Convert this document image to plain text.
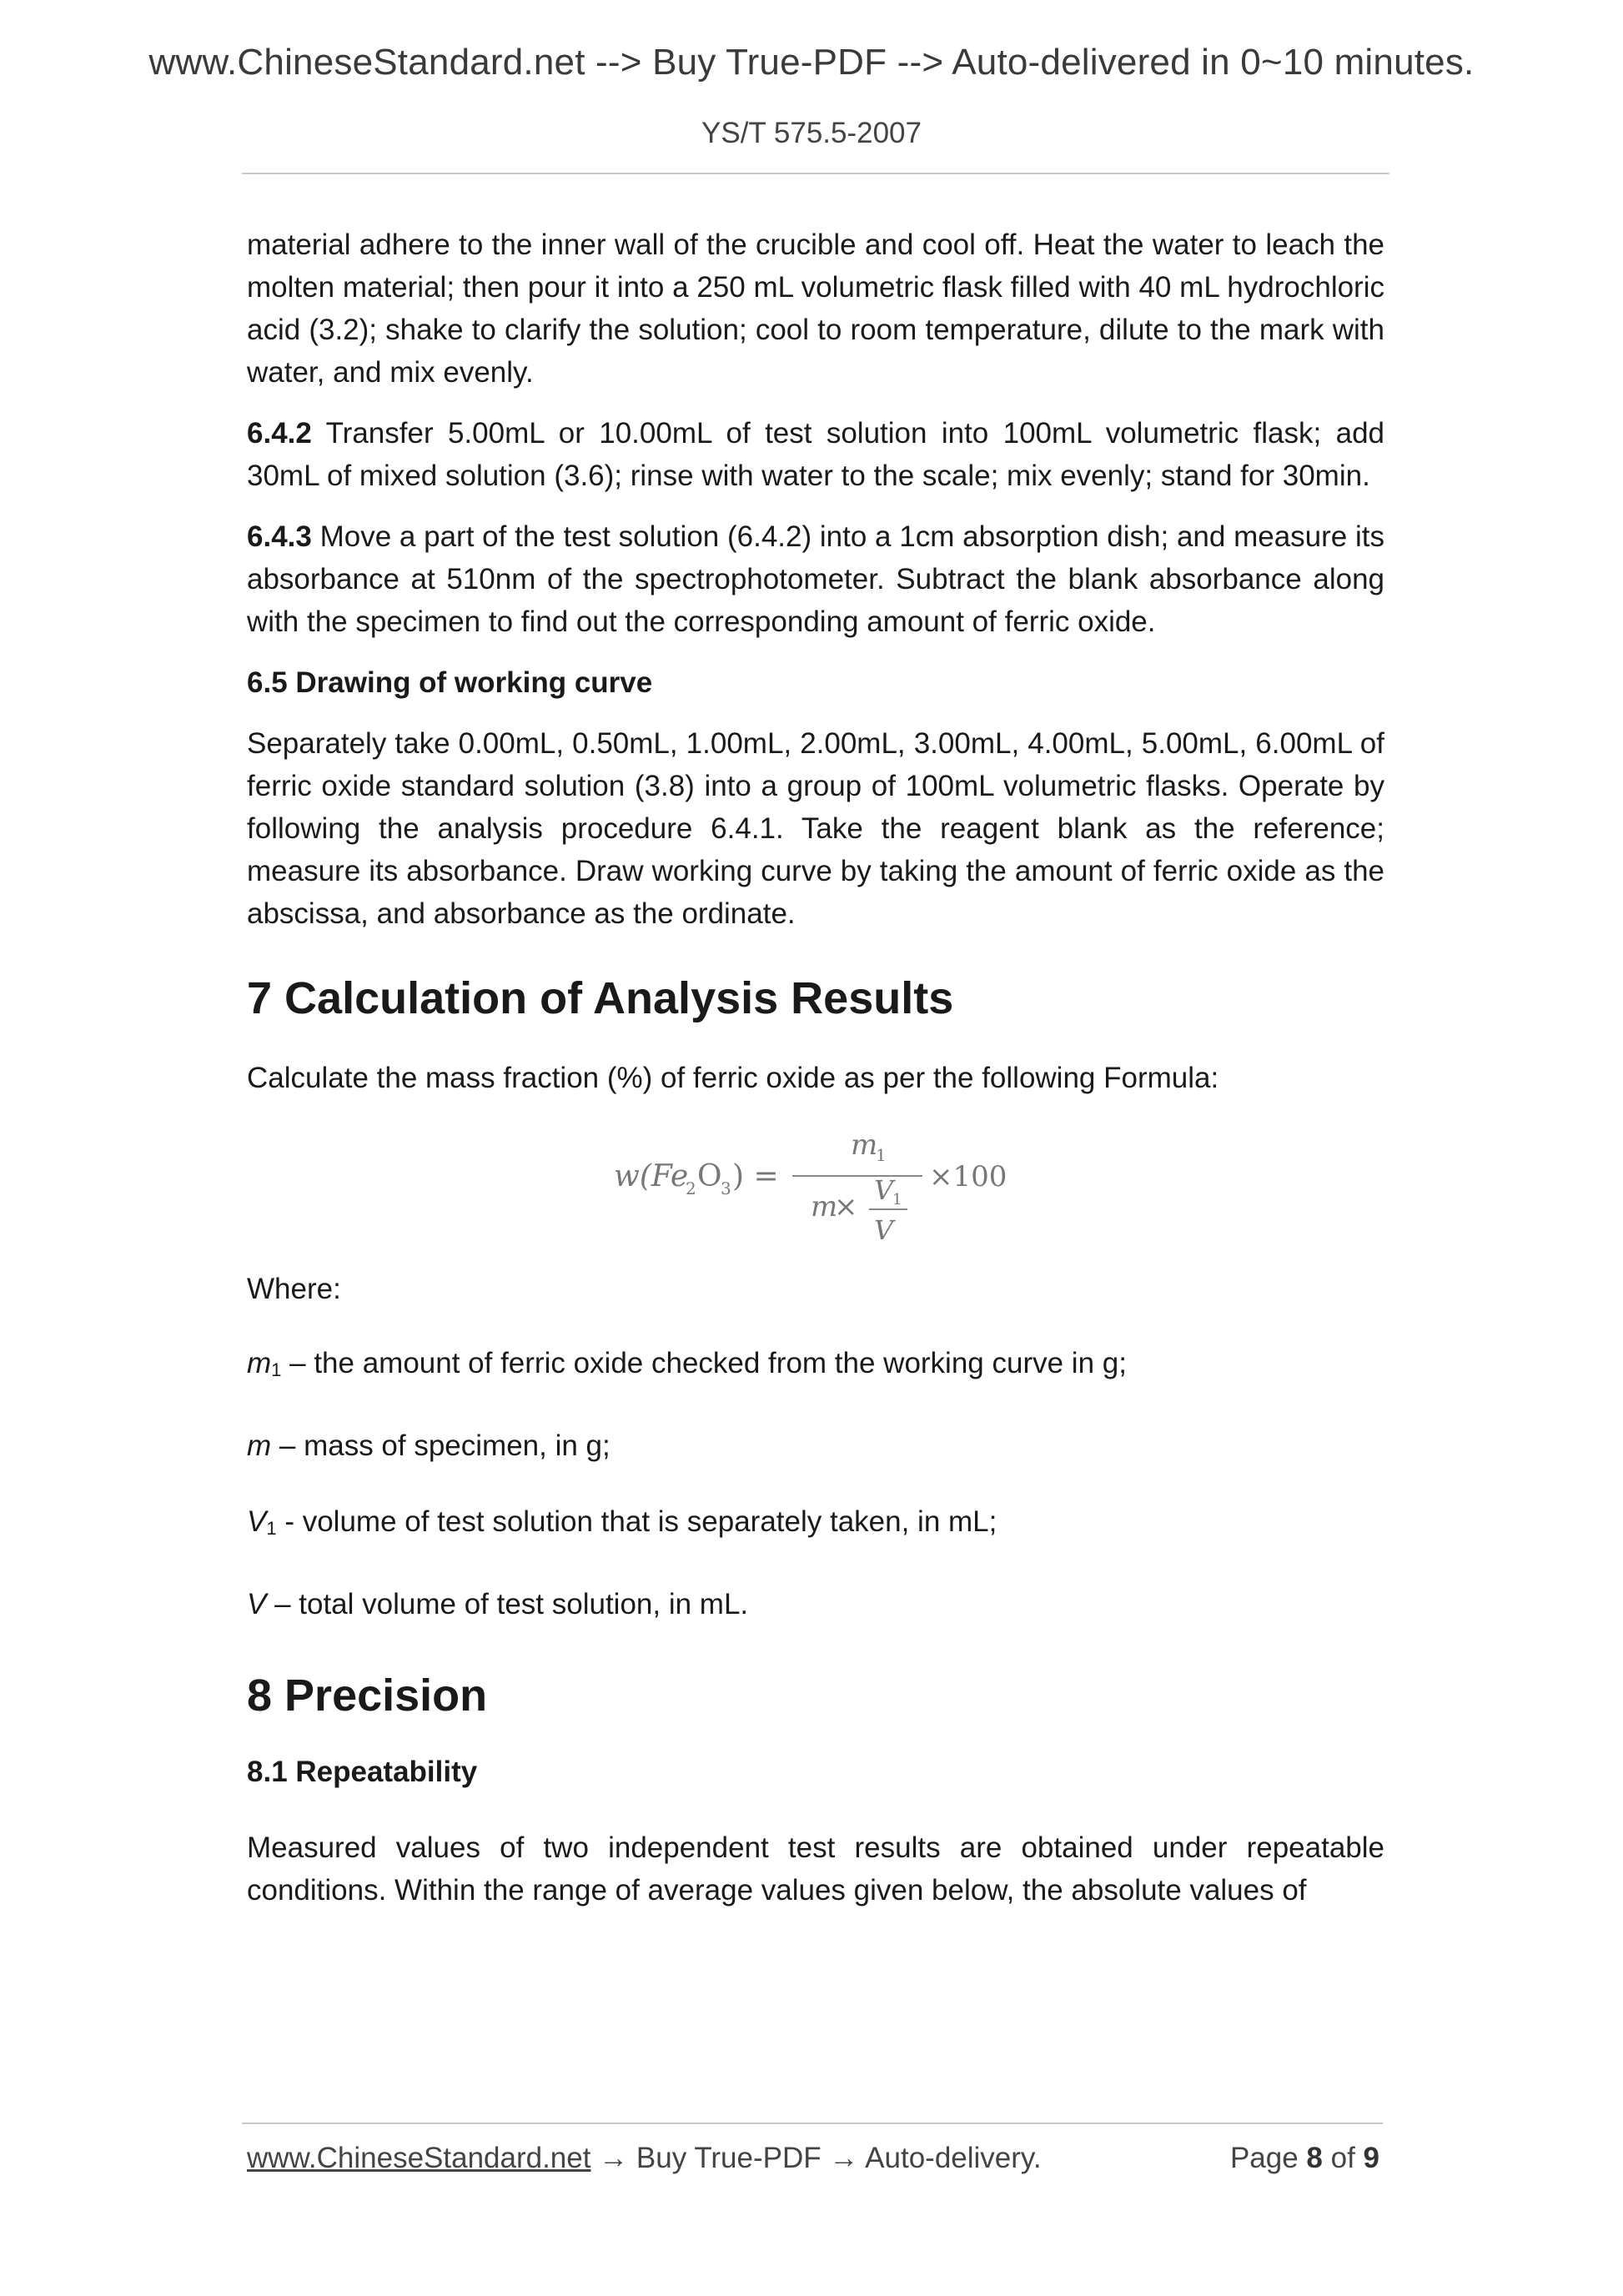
www.ChineseStandard.net --> Buy True-PDF --> Auto-delivered in 0~10 minutes.
YS/T 575.5-2007

material adhere to the inner wall of the crucible and cool off. Heat the water to leach the molten material; then pour it into a 250 mL volumetric flask filled with 40 mL hydrochloric acid (3.2); shake to clarify the solution; cool to room temperature, dilute to the mark with water, and mix evenly.

6.4.2 Transfer 5.00mL or 10.00mL of test solution into 100mL volumetric flask; add 30mL of mixed solution (3.6); rinse with water to the scale; mix evenly; stand for 30min.

6.4.3 Move a part of the test solution (6.4.2) into a 1cm absorption dish; and measure its absorbance at 510nm of the spectrophotometer. Subtract the blank absorbance along with the specimen to find out the corresponding amount of ferric oxide.

6.5 Drawing of working curve

Separately take 0.00mL, 0.50mL, 1.00mL, 2.00mL, 3.00mL, 4.00mL, 5.00mL, 6.00mL of ferric oxide standard solution (3.8) into a group of 100mL volumetric flasks. Operate by following the analysis procedure 6.4.1. Take the reagent blank as the reference; measure its absorbance. Draw working curve by taking the amount of ferric oxide as the abscissa, and absorbance as the ordinate.

7 Calculation of Analysis Results

Calculate the mass fraction (%) of ferric oxide as per the following Formula:

w(Fe
2 O
3 ) =
m
1
m
× V
1
V
×100

Where:

$m_1$ – the amount of ferric oxide checked from the working curve in g;

m – mass of specimen, in g;

$V_1$ - volume of test solution that is separately taken, in mL;

V – total volume of test solution, in mL.

8 Precision

8.1 Repeatability

Measured values of two independent test results are obtained under repeatable conditions. Within the range of average values given below, the absolute values of

www.ChineseStandard.net → Buy True-PDF → Auto-delivery.	Page 8 of 9
